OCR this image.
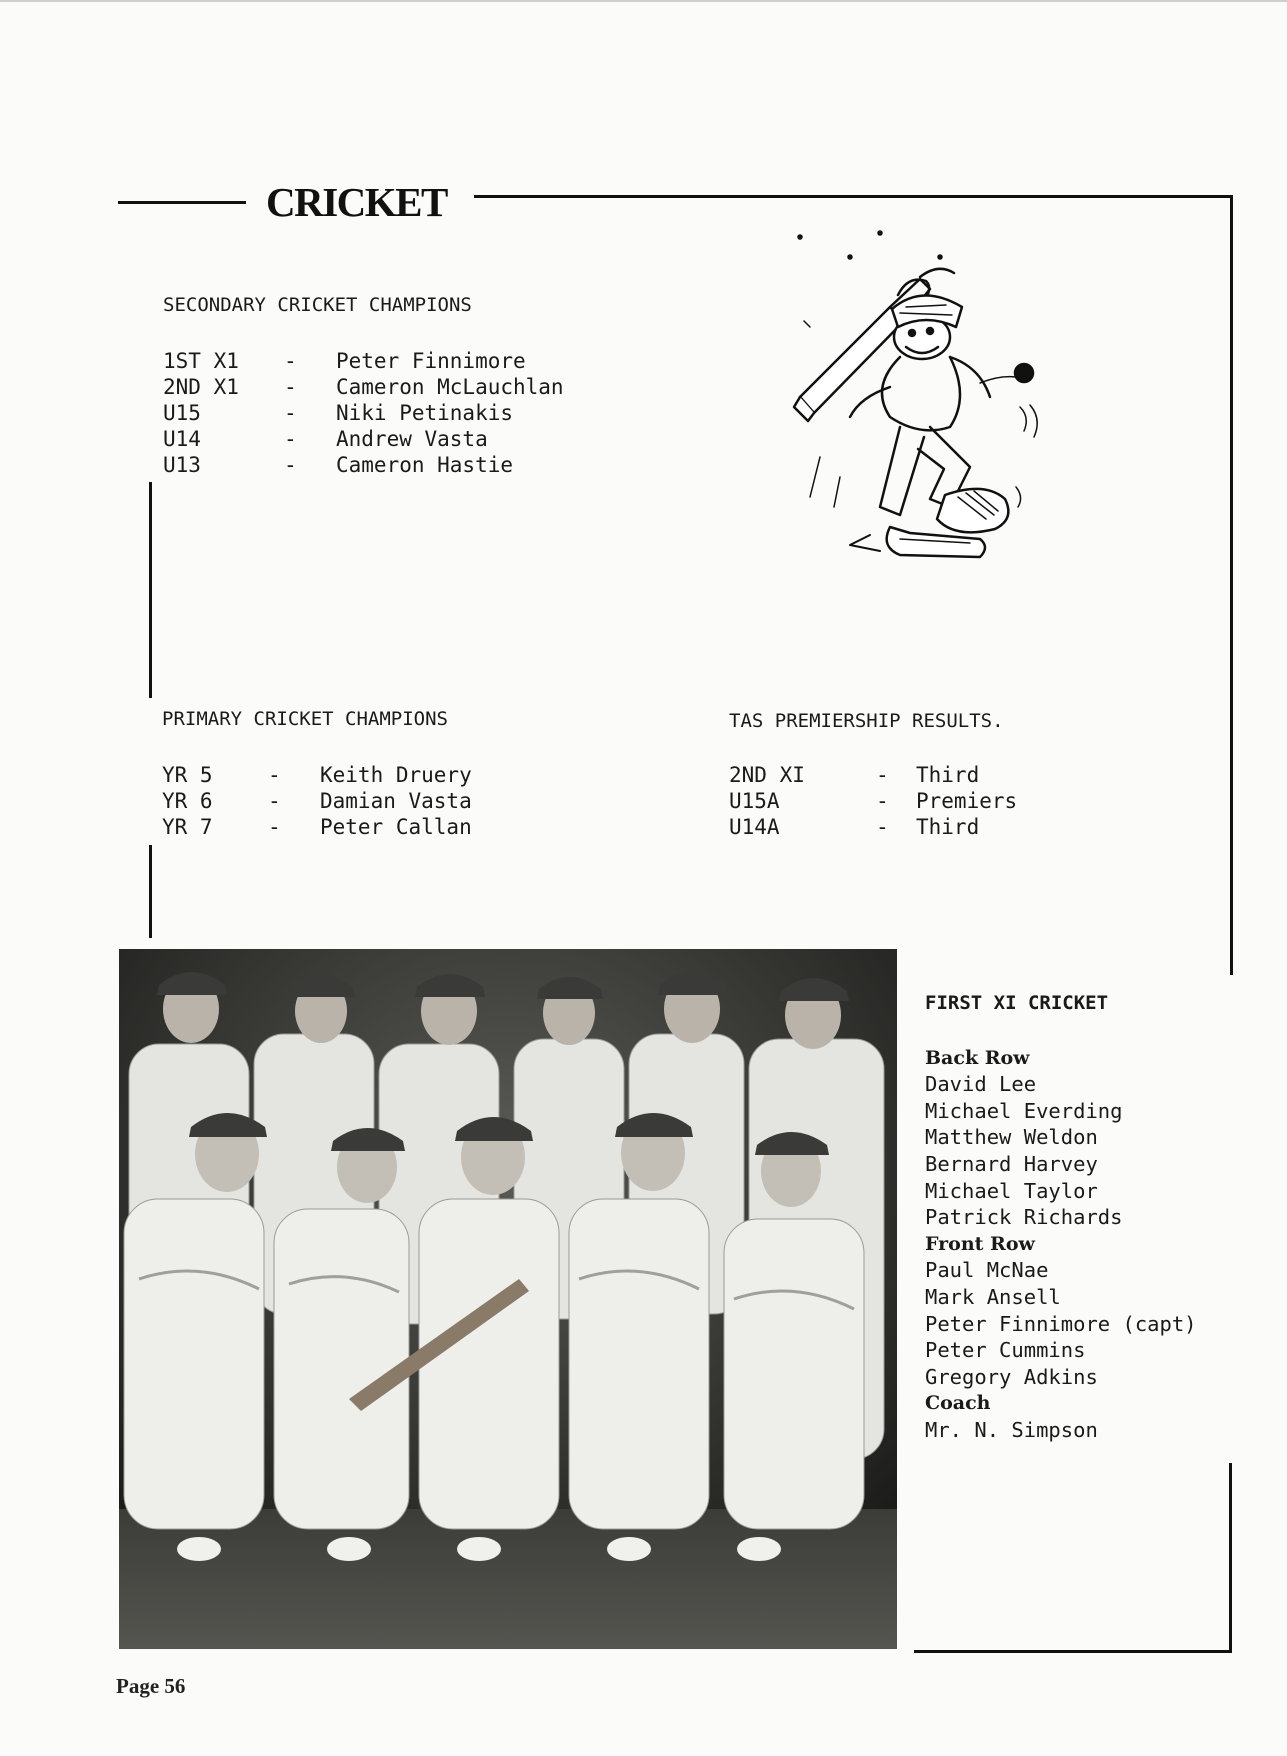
CRICKET
SECONDARY CRICKET CHAMPIONS
1ST X1	-	Peter Finnimore
2ND X1	-	Cameron McLauchlan
U15	-	Niki Petinakis
U14	-	Andrew Vasta
U13	-	Cameron Hastie
PRIMARY CRICKET CHAMPIONS
YR 5	-	Keith Druery
YR 6	-	Damian Vasta
YR 7	-	Peter Callan
TAS PREMIERSHIP RESULTS.
2ND XI	-	Third
U15A	-	Premiers
U14A	-	Third
FIRST XI CRICKET
Back Row
David Lee
Michael Everding
Matthew Weldon
Bernard Harvey
Michael Taylor
Patrick Richards
Front Row
Paul McNae
Mark Ansell
Peter Finnimore (capt)
Peter Cummins
Gregory Adkins
Coach
Mr. N. Simpson
Page 56
